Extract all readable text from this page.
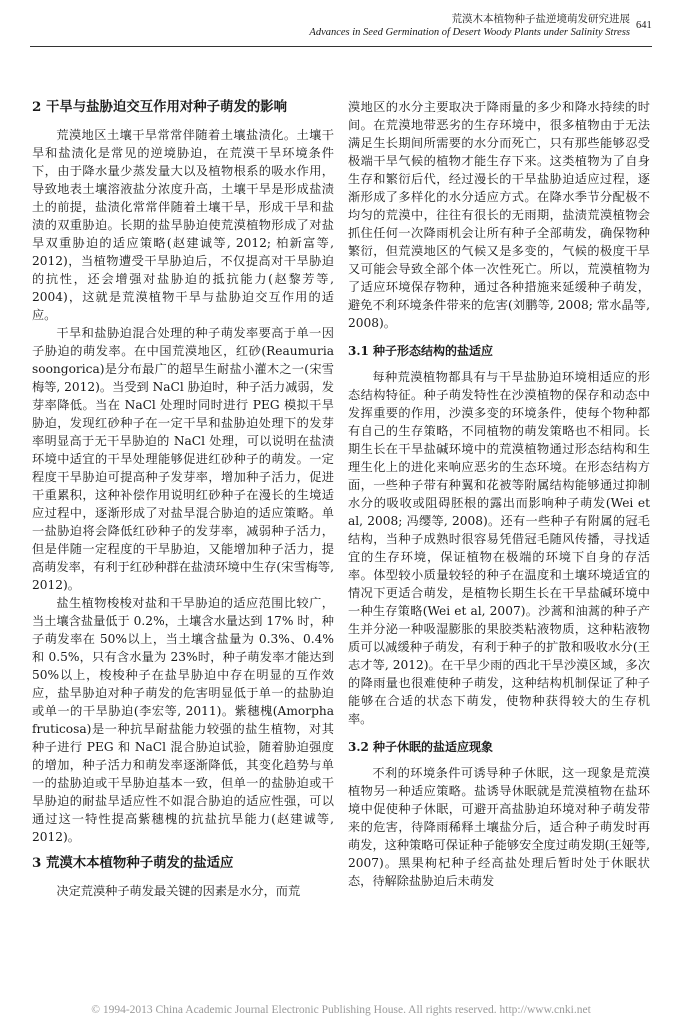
荒漠木本植物种子盐逆境萌发研究进展
Advances in Seed Germination of Desert Woody Plants under Salinity Stress
641
2 干旱与盐胁迫交互作用对种子萌发的影响

荒漠地区土壤干旱常常伴随着土壤盐渍化。土壤干旱和盐渍化是常见的逆境胁迫，在荒漠干旱环境条件下，由于降水量少蒸发量大以及植物根系的吸水作用，导致地表土壤溶液盐分浓度升高，土壤干旱是形成盐渍土的前提，盐渍化常常伴随着土壤干旱，形成干旱和盐渍的双重胁迫。长期的盐旱胁迫使荒漠植物形成了对盐旱双重胁迫的适应策略(赵建诚等, 2012; 柏新富等, 2012)，当植物遭受干旱胁迫后，不仅提高对干旱胁迫的抗性，还会增强对盐胁迫的抵抗能力(赵黎芳等, 2004)，这就是荒漠植物干旱与盐胁迫交互作用的适应。

干旱和盐胁迫混合处理的种子萌发率要高于单一因子胁迫的萌发率。在中国荒漠地区，红砂(Reaumuria soongorica)是分布最广的超旱生耐盐小灌木之一(宋雪梅等, 2012)。当受到 NaCl 胁迫时，种子活力减弱，发芽率降低。当在 NaCl 处理时同时进行 PEG 模拟干旱胁迫，发现红砂种子在一定干旱和盐胁迫处理下的发芽率明显高于无干旱胁迫的 NaCl 处理，可以说明在盐渍环境中适宜的干旱处理能够促进红砂种子的萌发。一定程度干旱胁迫可提高种子发芽率，增加种子活力，促进干重累积，这种补偿作用说明红砂种子在漫长的生境适应过程中，逐渐形成了对盐旱混合胁迫的适应策略。单一盐胁迫将会降低红砂种子的发芽率，减弱种子活力，但是伴随一定程度的干旱胁迫，又能增加种子活力，提高萌发率，有利于红砂种群在盐渍环境中生存(宋雪梅等, 2012)。

盐生植物梭梭对盐和干旱胁迫的适应范围比较广，当土壤含盐量低于 0.2%，土壤含水量达到 17% 时，种子萌发率在 50%以上，当土壤含盐量为 0.3%、0.4%和 0.5%，只有含水量为 23%时，种子萌发率才能达到 50%以上，梭梭种子在盐旱胁迫中存在明显的互作效应，盐旱胁迫对种子萌发的危害明显低于单一的盐胁迫或单一的干旱胁迫(李宏等, 2011)。紫穗槐(Amorpha fruticosa)是一种抗旱耐盐能力较强的盐生植物，对其种子进行 PEG 和 NaCl 混合胁迫试验，随着胁迫强度的增加，种子活力和萌发率逐渐降低，其变化趋势与单一的盐胁迫或干旱胁迫基本一致，但单一的盐胁迫或干旱胁迫的耐盐旱适应性不如混合胁迫的适应性强，可以通过这一特性提高紫穗槐的抗盐抗旱能力(赵建诚等, 2012)。

3 荒漠木本植物种子萌发的盐适应

决定荒漠种子萌发最关键的因素是水分，而荒

漠地区的水分主要取决于降雨量的多少和降水持续的时间。在荒漠地带恶劣的生存环境中，很多植物由于无法满足生长期间所需要的水分而死亡，只有那些能够忍受极端干旱气候的植物才能生存下来。这类植物为了自身生存和繁衍后代，经过漫长的干旱盐胁迫适应过程，逐渐形成了多样化的水分适应方式。在降水季节分配极不均匀的荒漠中，往往有很长的无雨期，盐渍荒漠植物会抓住任何一次降雨机会让所有种子全部萌发，确保物种繁衍，但荒漠地区的气候又是多变的，气候的极度干旱又可能会导致全部个体一次性死亡。所以，荒漠植物为了适应环境保存物种，通过各种措施来延缓种子萌发，避免不利环境条件带来的危害(刘鹏等, 2008; 常水晶等, 2008)。

3.1 种子形态结构的盐适应

每种荒漠植物都具有与干旱盐胁迫环境相适应的形态结构特征。种子萌发特性在沙漠植物的保存和动态中发挥重要的作用，沙漠多变的环境条件，使每个物种都有自己的生存策略，不同植物的萌发策略也不相同。长期生长在干旱盐碱环境中的荒漠植物通过形态结构和生理生化上的进化来响应恶劣的生态环境。在形态结构方面，一些种子带有种翼和花被等附属结构能够通过抑制水分的吸收或阻碍胚根的露出而影响种子萌发(Wei et al, 2008; 冯缨等, 2008)。还有一些种子有附属的冠毛结构，当种子成熟时很容易凭借冠毛随风传播，寻找适宜的生存环境，保证植物在极端的环境下自身的存活率。体型较小质量较轻的种子在温度和土壤环境适宜的情况下更适合萌发，是植物长期生长在干旱盐碱环境中一种生存策略(Wei et al, 2007)。沙蒿和油蒿的种子产生并分泌一种吸湿膨胀的果胶类粘液物质，这种粘液物质可以减缓种子萌发，有利于种子的扩散和吸收水分(王志才等, 2012)。在干旱少雨的西北干旱沙漠区域，多次的降雨量也很难使种子萌发，这种结构机制保证了种子能够在合适的状态下萌发，使物种获得较大的生存机率。

3.2 种子休眠的盐适应现象

不利的环境条件可诱导种子休眠，这一现象是荒漠植物另一种适应策略。盐诱导休眠就是荒漠植物在盐环境中促使种子休眠，可避开高盐胁迫环境对种子萌发带来的危害，待降雨稀释土壤盐分后，适合种子萌发时再萌发，这种策略可保证种子能够安全度过萌发期(王娅等, 2007)。黑果枸杞种子经高盐处理后暂时处于休眠状态，待解除盐胁迫后未萌发

© 1994-2013 China Academic Journal Electronic Publishing House. All rights reserved. http://www.cnki.net
